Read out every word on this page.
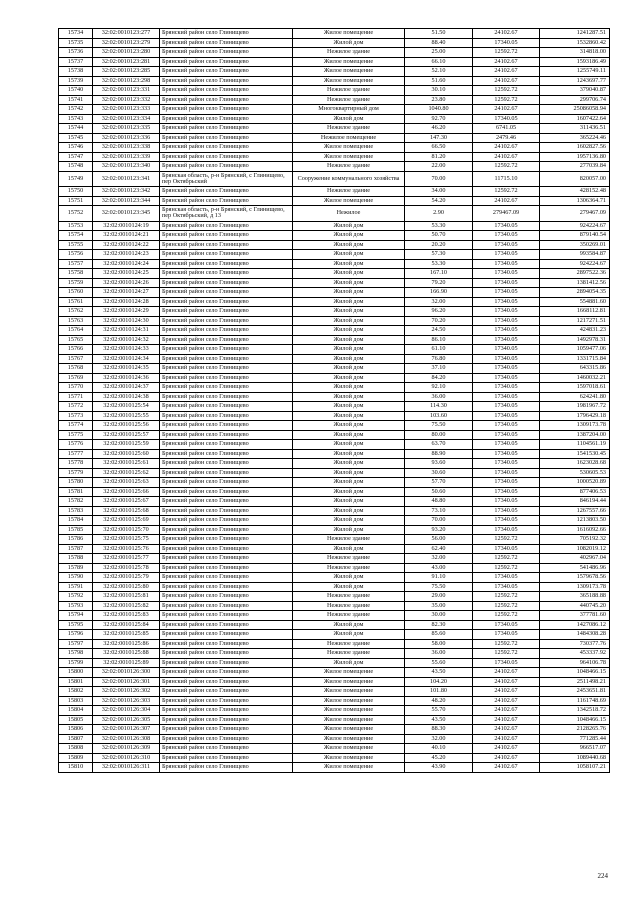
15734	32:02:0010123:277	Брянский район село Глинищево	Жилое помещение	51.50	24102.67	1241287.51
15735	32:02:0010123:279	Брянский район село Глинищево	Жилой дом	88.40	17340.05	1532860.42
15736	32:02:0010123:280	Брянский район село Глинищево	Нежилое здание	25.00	12592.72	314818.00
15737	32:02:0010123:281	Брянский район село Глинищево	Жилое помещение	66.10	24102.67	1593186.49
15738	32:02:0010123:285	Брянский район село Глинищево	Жилое помещение	52.10	24102.67	1255749.11
15739	32:02:0010123:298	Брянский район село Глинищево	Жилое помещение	51.60	24102.67	1243697.77
15740	32:02:0010123:331	Брянский район село Глинищево	Нежилое здание	30.10	12592.72	379040.87
15741	32:02:0010123:332	Брянский район село Глинищево	Нежилое здание	23.80	12592.72	299706.74
15742	32:02:0010123:333	Брянский район село Глинищево	Многоквартирный дом	1040.80	24102.67	25086058.94
15743	32:02:0010123:334	Брянский район село Глинищево	Жилой дом	92.70	17340.05	1607422.64
15744	32:02:0010123:335	Брянский район село Глинищево	Нежилое здание	46.20	6741.05	311436.51
15745	32:02:0010123:336	Брянский район село Глинищево	Нежилое помещение	147.30	2479.46	365224.46
15746	32:02:0010123:338	Брянский район село Глинищево	Жилое помещение	66.50	24102.67	1602827.56
15747	32:02:0010123:339	Брянский район село Глинищево	Жилое помещение	81.20	24102.67	1957136.80
15748	32:02:0010123:340	Брянский район село Глинищево	Нежилое здание	22.00	12592.72	277039.84
15749	32:02:0010123:341	Брянская область, р-н Брянский, с Глинищево, пер Октябрьский	Сооружение коммунального хозяйства	70.00	11715.10	820057.00
15750	32:02:0010123:342	Брянский район село Глинищево	Нежилое здание	34.00	12592.72	428152.48
15751	32:02:0010123:344	Брянский район село Глинищево	Жилое помещение	54.20	24102.67	1306364.71
15752	32:02:0010123:345	Брянская область, р-н Брянский, с Глинищево, пер Октябрьский, д 13	Нежилое	2.90	279467.09	279467.09
15753	32:02:0010124:19	Брянский район село Глинищево	Жилой дом	53.30	17340.05	924224.67
15754	32:02:0010124:21	Брянский район село Глинищево	Жилой дом	50.70	17340.05	879140.54
15755	32:02:0010124:22	Брянский район село Глинищево	Жилой дом	20.20	17340.05	350269.01
15756	32:02:0010124:23	Брянский район село Глинищево	Жилой дом	57.30	17340.05	993584.87
15757	32:02:0010124:24	Брянский район село Глинищево	Жилой дом	53.30	17340.05	924224.67
15758	32:02:0010124:25	Брянский район село Глинищево	Жилой дом	167.10	17340.05	2897522.36
15759	32:02:0010124:26	Брянский район село Глинищево	Жилой дом	79.20	17340.05	1381412.56
15760	32:02:0010124:27	Брянский район село Глинищево	Жилой дом	166.90	17340.05	2894054.35
15761	32:02:0010124:28	Брянский район село Глинищево	Жилой дом	32.00	17340.05	554881.60
15762	32:02:0010124:29	Брянский район село Глинищево	Жилой дом	96.20	17340.05	1668112.81
15763	32:02:0010124:30	Брянский район село Глинищево	Жилой дом	70.20	17340.05	1217271.51
15764	32:02:0010124:31	Брянский район село Глинищево	Жилой дом	24.50	17340.05	424831.23
15765	32:02:0010124:32	Брянский район село Глинищево	Жилой дом	86.10	17340.05	1492978.31
15766	32:02:0010124:33	Брянский район село Глинищево	Жилой дом	61.10	17340.05	1059477.06
15767	32:02:0010124:34	Брянский район село Глинищево	Жилой дом	76.80	17340.05	1331715.84
15768	32:02:0010124:35	Брянский район село Глинищево	Жилой дом	37.10	17340.05	643315.86
15769	32:02:0010124:36	Брянский район село Глинищево	Жилой дом	84.20	17340.05	1460032.21
15770	32:02:0010124:37	Брянский район село Глинищево	Жилой дом	92.10	17340.05	1597018.61
15771	32:02:0010124:38	Брянский район село Глинищево	Жилой дом	36.00	17340.05	624241.80
15772	32:02:0010125:54	Брянский район село Глинищево	Жилой дом	114.30	17340.05	1981967.72
15773	32:02:0010125:55	Брянский район село Глинищево	Жилой дом	103.60	17340.05	1796429.18
15774	32:02:0010125:56	Брянский район село Глинищево	Жилой дом	75.50	17340.05	1309173.78
15775	32:02:0010125:57	Брянский район село Глинищево	Жилой дом	80.00	17340.05	1387204.00
15776	32:02:0010125:59	Брянский район село Глинищево	Жилой дом	63.70	17340.05	1104561.19
15777	32:02:0010125:60	Брянский район село Глинищево	Жилой дом	88.90	17340.05	1541530.45
15778	32:02:0010125:61	Брянский район село Глинищево	Жилой дом	93.60	17340.05	1623028.68
15779	32:02:0010125:62	Брянский район село Глинищево	Жилой дом	30.60	17340.05	530605.53
15780	32:02:0010125:63	Брянский район село Глинищево	Жилой дом	57.70	17340.05	1000520.89
15781	32:02:0010125:66	Брянский район село Глинищево	Жилой дом	50.60	17340.05	877406.53
15782	32:02:0010125:67	Брянский район село Глинищево	Жилой дом	48.80	17340.05	846194.44
15783	32:02:0010125:68	Брянский район село Глинищево	Жилой дом	73.10	17340.05	1267557.66
15784	32:02:0010125:69	Брянский район село Глинищево	Жилой дом	70.00	17340.05	1213803.50
15785	32:02:0010125:70	Брянский район село Глинищево	Жилой дом	93.20	17340.05	1616092.66
15786	32:02:0010125:75	Брянский район село Глинищево	Нежилое здание	56.00	12592.72	705192.32
15787	32:02:0010125:76	Брянский район село Глинищево	Жилой дом	62.40	17340.05	1082019.12
15788	32:02:0010125:77	Брянский район село Глинищево	Нежилое здание	32.00	12592.72	402967.04
15789	32:02:0010125:78	Брянский район село Глинищево	Нежилое здание	43.00	12592.72	541486.96
15790	32:02:0010125:79	Брянский район село Глинищево	Жилой дом	91.10	17340.05	1579678.56
15791	32:02:0010125:80	Брянский район село Глинищево	Жилой дом	75.50	17340.05	1309173.78
15792	32:02:0010125:81	Брянский район село Глинищево	Нежилое здание	29.00	12592.72	365188.88
15793	32:02:0010125:82	Брянский район село Глинищево	Нежилое здание	35.00	12592.72	440745.20
15794	32:02:0010125:83	Брянский район село Глинищево	Нежилое здание	30.00	12592.72	377781.60
15795	32:02:0010125:84	Брянский район село Глинищево	Жилой дом	82.30	17340.05	1427086.12
15796	32:02:0010125:85	Брянский район село Глинищево	Жилой дом	85.60	17340.05	1484308.28
15797	32:02:0010125:86	Брянский район село Глинищево	Нежилое здание	58.00	12592.72	730377.76
15798	32:02:0010125:88	Брянский район село Глинищево	Нежилое здание	36.00	12592.72	453337.92
15799	32:02:0010125:89	Брянский район село Глинищево	Жилой дом	55.60	17340.05	964106.78
15800	32:02:0010126:300	Брянский район село Глинищево	Жилое помещение	43.50	24102.67	1048466.15
15801	32:02:0010126:301	Брянский район село Глинищево	Жилое помещение	104.20	24102.67	2511498.21
15802	32:02:0010126:302	Брянский район село Глинищево	Жилое помещение	101.80	24102.67	2453651.81
15803	32:02:0010126:303	Брянский район село Глинищево	Жилое помещение	48.20	24102.67	1161748.69
15804	32:02:0010126:304	Брянский район село Глинищево	Жилое помещение	55.70	24102.67	1342518.72
15805	32:02:0010126:305	Брянский район село Глинищево	Жилое помещение	43.50	24102.67	1048466.15
15806	32:02:0010126:307	Брянский район село Глинищево	Жилое помещение	88.30	24102.67	2128265.76
15807	32:02:0010126:308	Брянский район село Глинищево	Жилое помещение	32.00	24102.67	771285.44
15808	32:02:0010126:309	Брянский район село Глинищево	Жилое помещение	40.10	24102.67	966517.07
15809	32:02:0010126:310	Брянский район село Глинищево	Жилое помещение	45.20	24102.67	1089440.68
15810	32:02:0010126:311	Брянский район село Глинищево	Жилое помещение	43.90	24102.67	1058107.21
224
